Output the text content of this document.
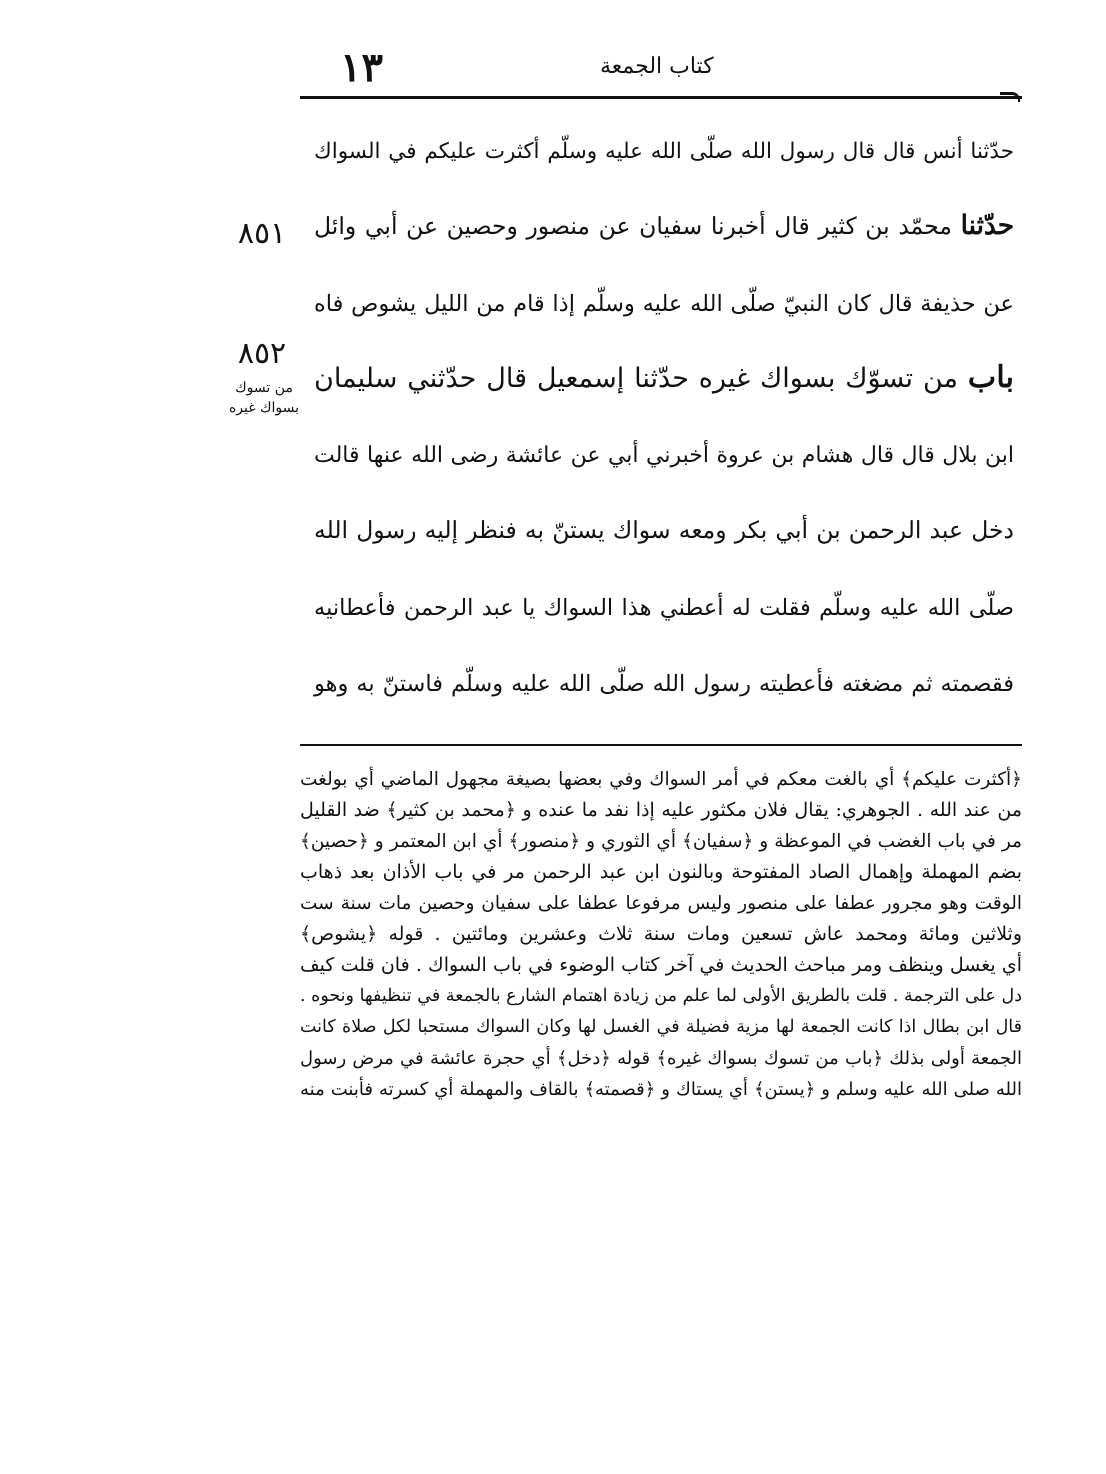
١٣	كتاب الجمعة
حدّثنا أنس قال قال رسول الله صلّى الله عليه وسلّم أكثرت عليكم في السواك
حدّثنا محمّد بن كثير قال أخبرنا سفيان عن منصور وحصين عن أبي وائل
عن حذيفة قال كان النبيّ صلّى الله عليه وسلّم إذا قام من الليل يشوص فاه
باب من تسوّك بسواك غيره حدّثنا إسمعيل قال حدّثني سليمان
ابن بلال قال قال هشام بن عروة أخبرني أبي عن عائشة رضى الله عنها قالت
دخل عبد الرحمن بن أبي بكر ومعه سواك يستنّ به فنظر إليه رسول الله
صلّى الله عليه وسلّم فقلت له أعطني هذا السواك يا عبد الرحمن فأعطانيه
فقصمته ثم مضغته فأعطيته رسول الله صلّى الله عليه وسلّم فاستنّ به وهو
٨٥١
٨٥٢
من تسوك
بسواك غيره
﴿أكثرت عليكم﴾ أي بالغت معكم في أمر السواك وفي بعضها بصيغة مجهول الماضي أي بولغت
من عند الله . الجوهري: يقال فلان مكثور عليه إذا نفد ما عنده و ﴿محمد بن كثير﴾ ضد القليل
مر في باب الغضب في الموعظة و ﴿سفيان﴾ أي الثوري و ﴿منصور﴾ أي ابن المعتمر و ﴿حصين﴾
بضم المهملة وإهمال الصاد المفتوحة وبالنون ابن عبد الرحمن مر في باب الأذان بعد ذهاب
الوقت وهو مجرور عطفا على منصور وليس مرفوعا عطفا على سفيان وحصين مات سنة ست
وثلاثين ومائة ومحمد عاش تسعين ومات سنة ثلاث وعشرين ومائتين . قوله ﴿يشوص﴾
أي يغسل وينظف ومر مباحث الحديث في آخر كتاب الوضوء في باب السواك . فان قلت كيف
دل على الترجمة . قلت بالطريق الأولى لما علم من زيادة اهتمام الشارع بالجمعة في تنظيفها ونحوه .
قال ابن بطال اذا كانت الجمعة لها مزية فضيلة في الغسل لها وكان السواك مستحبا لكل صلاة كانت
الجمعة أولى بذلك ﴿باب من تسوك بسواك غيره﴾ قوله ﴿دخل﴾ أي حجرة عائشة في مرض رسول
الله صلى الله عليه وسلم و ﴿يستن﴾ أي يستاك و ﴿قصمته﴾ بالقاف والمهملة أي كسرته فأبنت منه
